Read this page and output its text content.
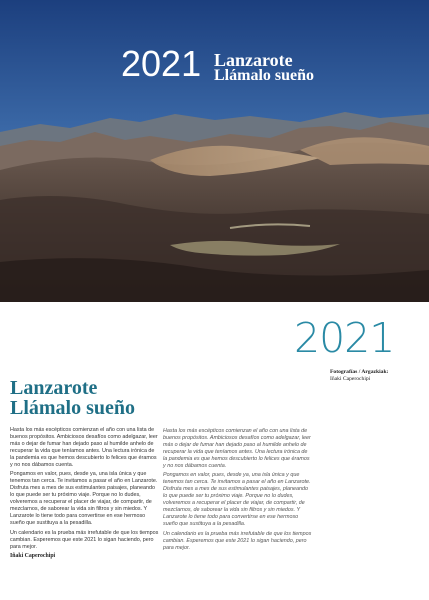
2021 Lanzarote
Llámalo sueño
2021
Fotografías / Argazkiak:
Iñaki Caperochipi
Lanzarote
Llámalo sueño

Hasta los más escépticos comienzan el año con una lista de buenos propósitos. Ambiciosos desafíos como adelgazar, leer más o dejar de fumar han dejado paso al humilde anhelo de recuperar la vida que teníamos antes. Una lectura irónica de la pandemia es que hemos descubierto lo felices que éramos y no nos dábamos cuenta.

Pongamos en valor, pues, desde ya, una isla única y que tenemos tan cerca. Te invitamos a pasar el año en Lanzarote. Disfruta mes a mes de sus estimulantes paisajes, planeando lo que puede ser tu próximo viaje. Porque no lo dudes, volveremos a recuperar el placer de viajar, de compartir, de mezclarnos, de saborear la vida sin filtros y sin miedos. Y Lanzarote lo tiene todo para convertirse en ese hermoso sueño que sustituya a la pesadilla.

Un calendario es la prueba más irrefutable de que los tiempos cambian. Esperemos que este 2021 lo sigan haciendo, pero para mejor.

Iñaki Caperochipi

Hasta los más escépticos comienzan el año con una lista de buenos propósitos. Ambiciosos desafíos como adelgazar, leer más o dejar de fumar han dejado paso al humilde anhelo de recuperar la vida que teníamos antes. Una lectura irónica de la pandemia es que hemos descubierto lo felices que éramos y no nos dábamos cuenta.

Pongamos en valor, pues, desde ya, una isla única y que tenemos tan cerca. Te invitamos a pasar el año en Lanzarote. Disfruta mes a mes de sus estimulantes paisajes, planeando lo que puede ser tu próximo viaje. Porque no lo dudes, volveremos a recuperar el placer de viajar, de compartir, de mezclarnos, de saborear la vida sin filtros y sin miedos. Y Lanzarote lo tiene todo para convertirse en ese hermoso sueño que sustituya a la pesadilla.

Un calendario es la prueba más irrefutable de que los tiempos cambian. Esperemos que este 2021 lo sigan haciendo, pero para mejor.
